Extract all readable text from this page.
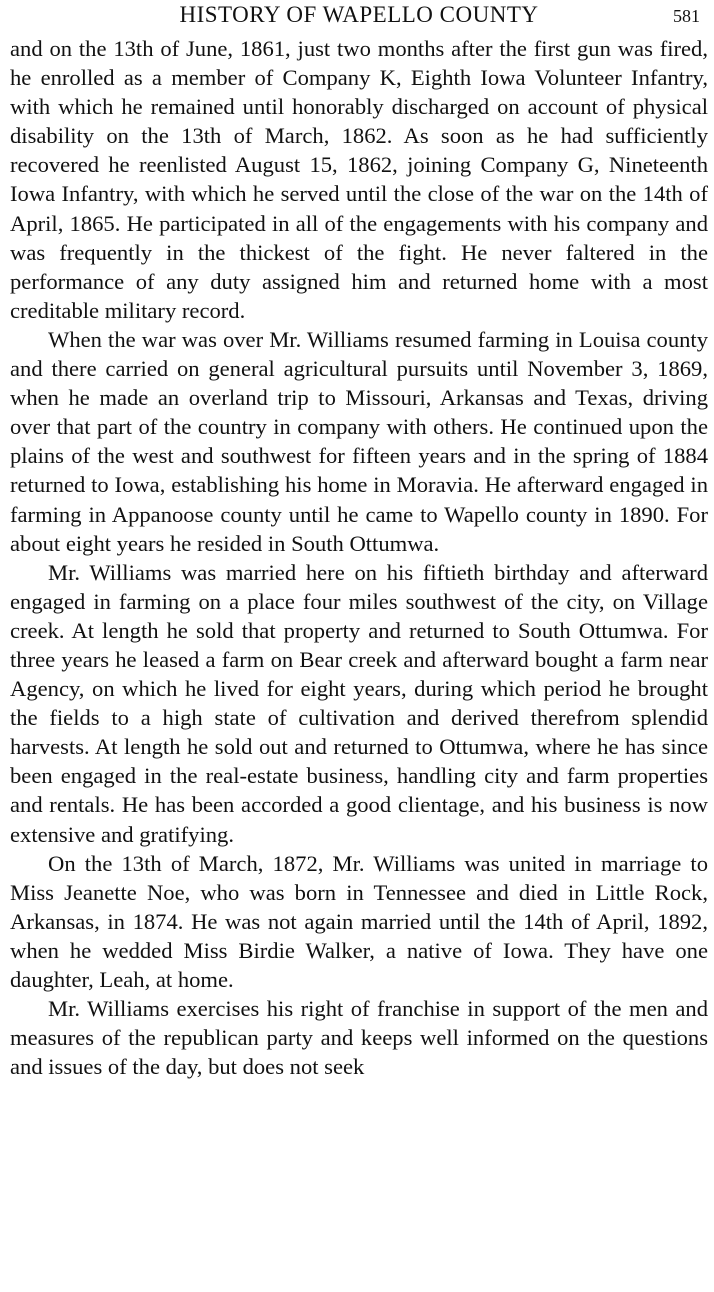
HISTORY OF WAPELLO COUNTY	581

and on the 13th of June, 1861, just two months after the first gun was fired, he enrolled as a member of Company K, Eighth Iowa Volunteer Infantry, with which he remained until honorably discharged on account of physical disability on the 13th of March, 1862. As soon as he had sufficiently recovered he reenlisted August 15, 1862, joining Company G, Nineteenth Iowa Infantry, with which he served until the close of the war on the 14th of April, 1865. He participated in all of the engagements with his company and was frequently in the thickest of the fight. He never faltered in the performance of any duty assigned him and returned home with a most creditable military record.

When the war was over Mr. Williams resumed farming in Louisa county and there carried on general agricultural pursuits until November 3, 1869, when he made an overland trip to Missouri, Arkansas and Texas, driving over that part of the country in company with others. He continued upon the plains of the west and southwest for fifteen years and in the spring of 1884 returned to Iowa, establishing his home in Moravia. He afterward engaged in farming in Appanoose county until he came to Wapello county in 1890. For about eight years he resided in South Ottumwa.

Mr. Williams was married here on his fiftieth birthday and afterward engaged in farming on a place four miles southwest of the city, on Village creek. At length he sold that property and returned to South Ottumwa. For three years he leased a farm on Bear creek and afterward bought a farm near Agency, on which he lived for eight years, during which period he brought the fields to a high state of cultivation and derived therefrom splendid harvests. At length he sold out and returned to Ottumwa, where he has since been engaged in the real-estate business, handling city and farm properties and rentals. He has been accorded a good clientage, and his business is now extensive and gratifying.

On the 13th of March, 1872, Mr. Williams was united in marriage to Miss Jeanette Noe, who was born in Tennessee and died in Little Rock, Arkansas, in 1874. He was not again married until the 14th of April, 1892, when he wedded Miss Birdie Walker, a native of Iowa. They have one daughter, Leah, at home.

Mr. Williams exercises his right of franchise in support of the men and measures of the republican party and keeps well informed on the questions and issues of the day, but does not seek
